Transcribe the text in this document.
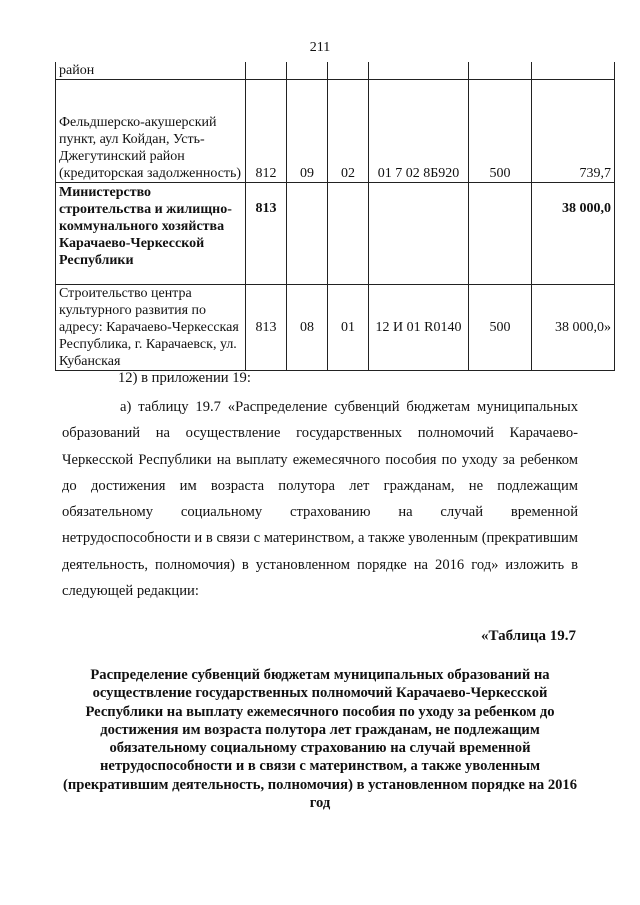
211
район						
Фельдшерско-акушерский пункт, аул Койдан, Усть-Джегутинский район (кредиторская задолженность)	812	09	02	01 7 02 8Б920	500	739,7
Министерство строительства и жилищно-коммунального хозяйства Карачаево-Черкесской Республики	813					38 000,0
Строительство центра культурного развития по адресу: Карачаево-Черкесская Республика, г. Карачаевск, ул. Кубанская	813	08	01	12 И 01 R0140	500	38 000,0»
12) в приложении 19:
а) таблицу 19.7 «Распределение субвенций бюджетам муниципальных образований на осуществление государственных полномочий Карачаево-Черкесской Республики на выплату ежемесячного пособия по уходу за ребенком до достижения им возраста полутора лет гражданам, не подлежащим обязательному социальному страхованию на случай временной нетрудоспособности и в связи с материнством, а также уволенным (прекратившим деятельность, полномочия) в установленном порядке на 2016 год» изложить в следующей редакции:
«Таблица 19.7
Распределение субвенций бюджетам муниципальных образований на осуществление государственных полномочий Карачаево-Черкесской Республики на выплату ежемесячного пособия по уходу за ребенком до достижения им возраста полутора лет гражданам, не подлежащим обязательному социальному страхованию на случай временной нетрудоспособности и в связи с материнством, а также уволенным (прекратившим деятельность, полномочия) в установленном порядке на 2016 год
